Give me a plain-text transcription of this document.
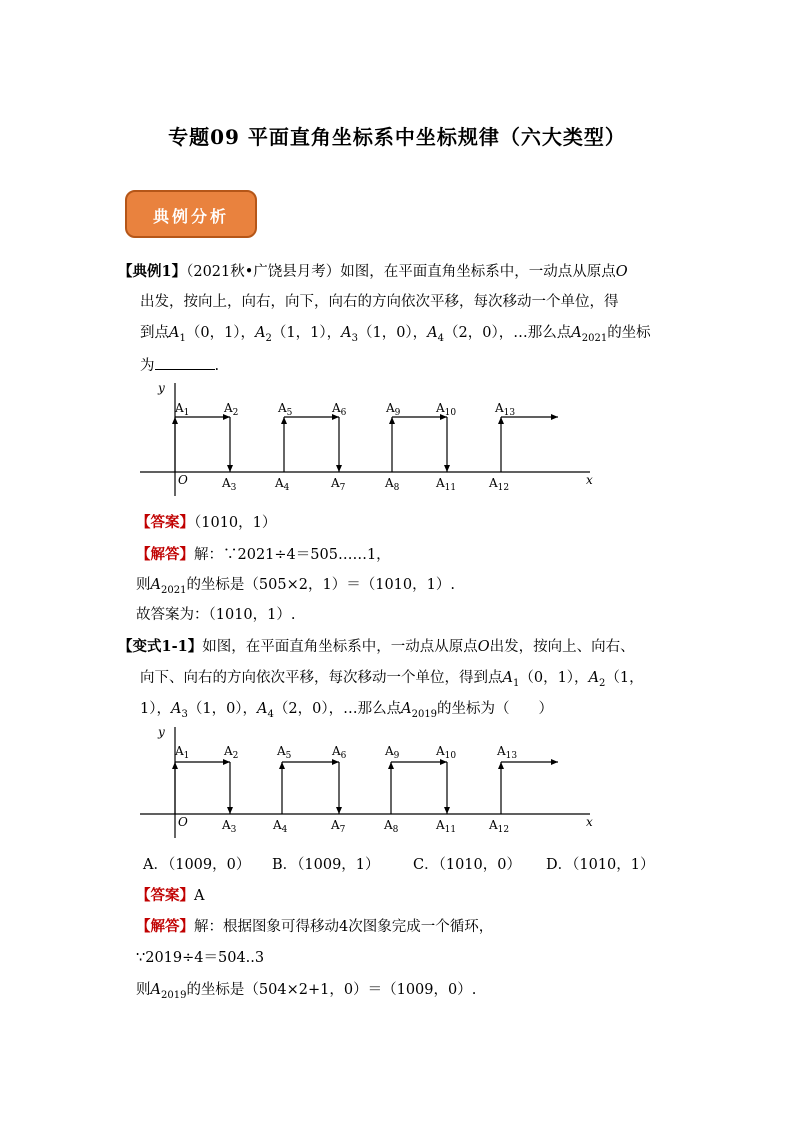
专题09 平面直角坐标系中坐标规律（六大类型）
典例分析
【典例1】（2021秋•广饶县月考）如图，在平面直角坐标系中，一动点从原点O
出发，按向上，向右，向下，向右的方向依次平移，每次移动一个单位，得
到点$A_1(0$，1），$A_2(1$，1），$A_3(1$，0），$A_4(2$，0），…那么点$A_{2021}$的坐标
为	.
y
x
O
$A_1$	$A_2$	$A_5$	$A_6$	$A_9$	$A_{10}$	$A_{13}$
$A_3$	$A_4$	$A_7$	$A_8$	$A_{11}$	$A_{12}$
【答案】（1010，1）
【解答】解：∵2021÷4＝505……1，
则$A_{2021}$的坐标是（505×2，1）＝（1010，1）.
故答案为：（1010，1）.
【变式1-1】如图，在平面直角坐标系中，一动点从原点O出发，按向上、向右、
向下、向右的方向依次平移，每次移动一个单位，得到点$A_1(0$，1），$A_2(1$，
1），$A_3(1$，0），$A_4(2$，0），…那么点$A_{2019}$的坐标为（　　）
y
x
O
$A_1$	$A_2$	$A_5$	$A_6$	$A_9$	$A_{10}$	$A_{13}$
$A_3$	$A_4$	$A_7$	$A_8$	$A_{11}$	$A_{12}$
A．（1009，0） B．（1009，1） C．（1010，0） D．（1010，1）
【答案】A
【解答】解：根据图象可得移动4次图象完成一个循环，
∵2019÷4＝504..3
则$A_{2019}$的坐标是（504×2+1，0）＝（1009，0）.
